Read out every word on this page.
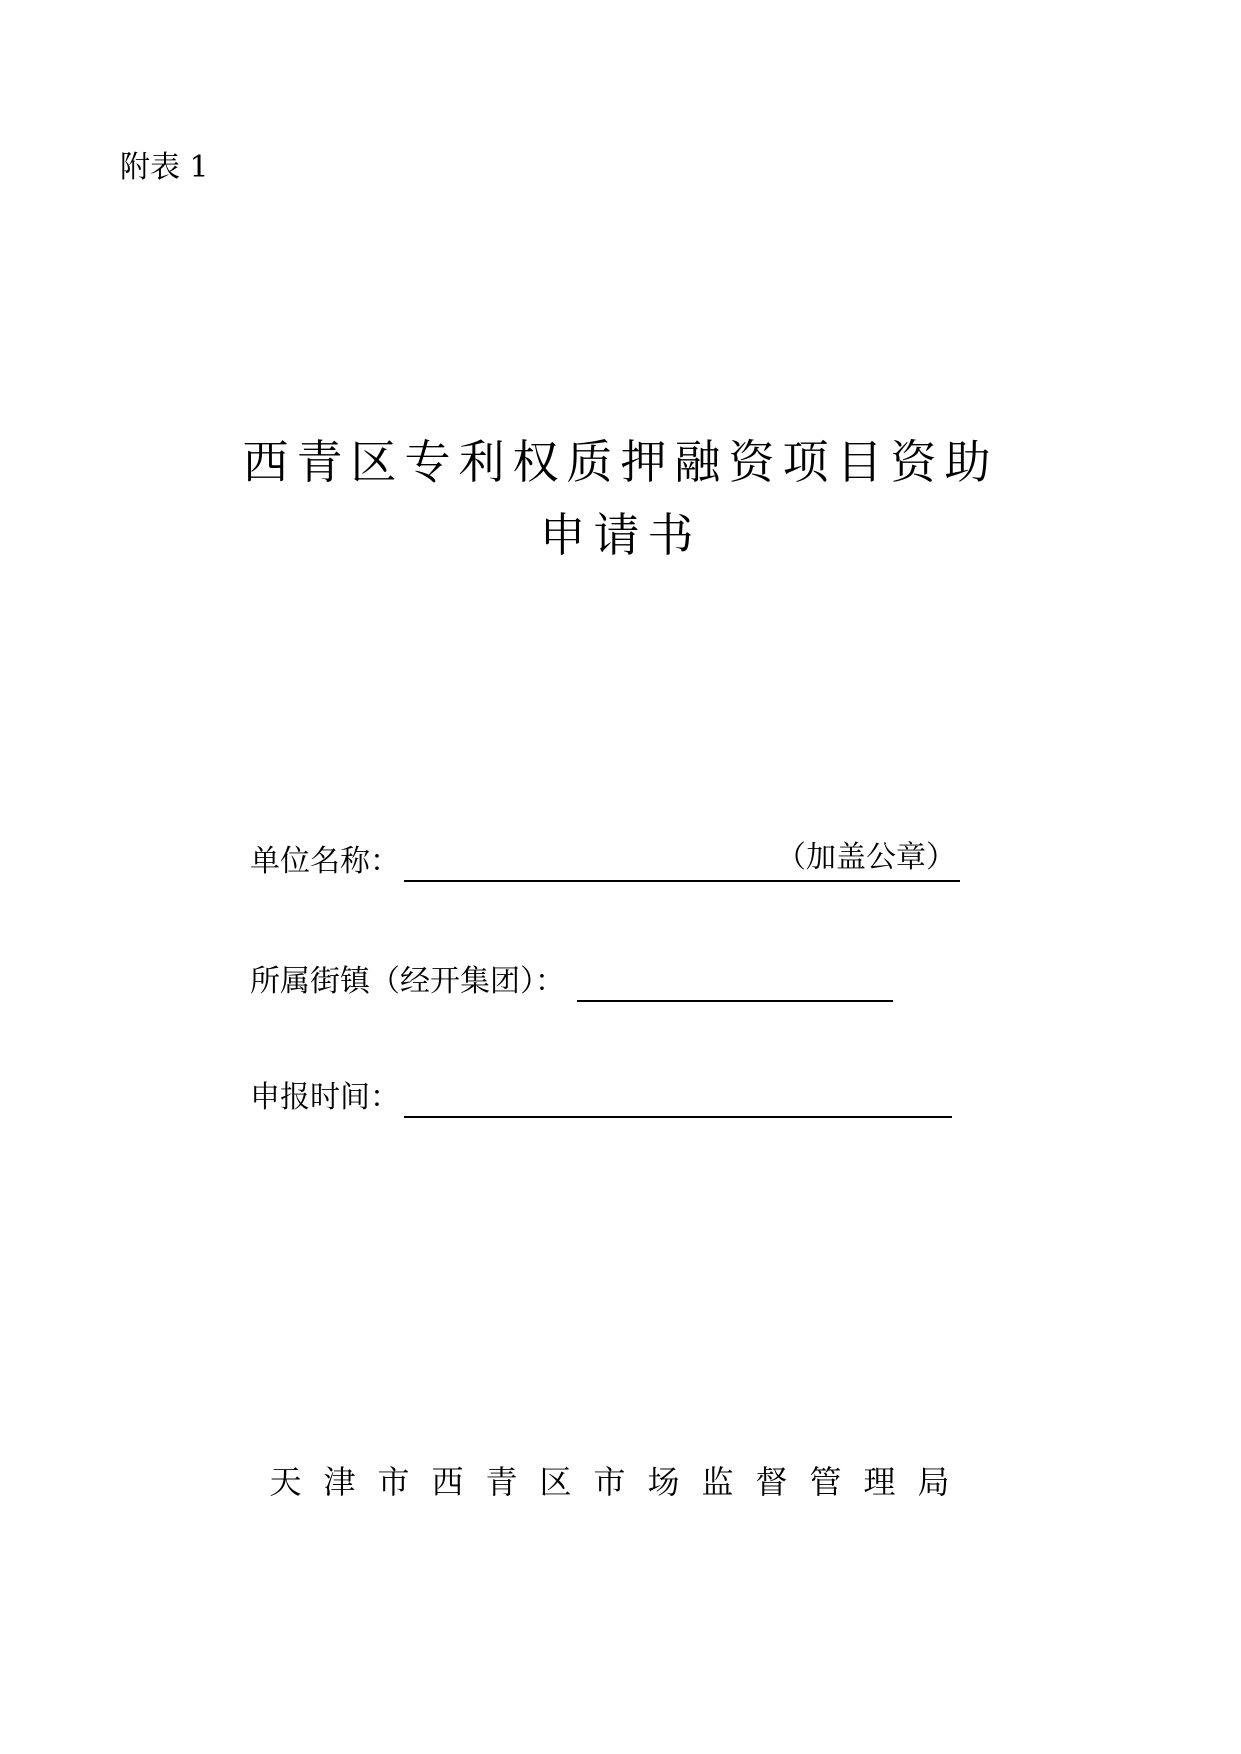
附表 1
西青区专利权质押融资项目资助
申请书
单位名称：	（加盖公章）
所属街镇（经开集团）：
申报时间：
天津市西青区市场监督管理局
